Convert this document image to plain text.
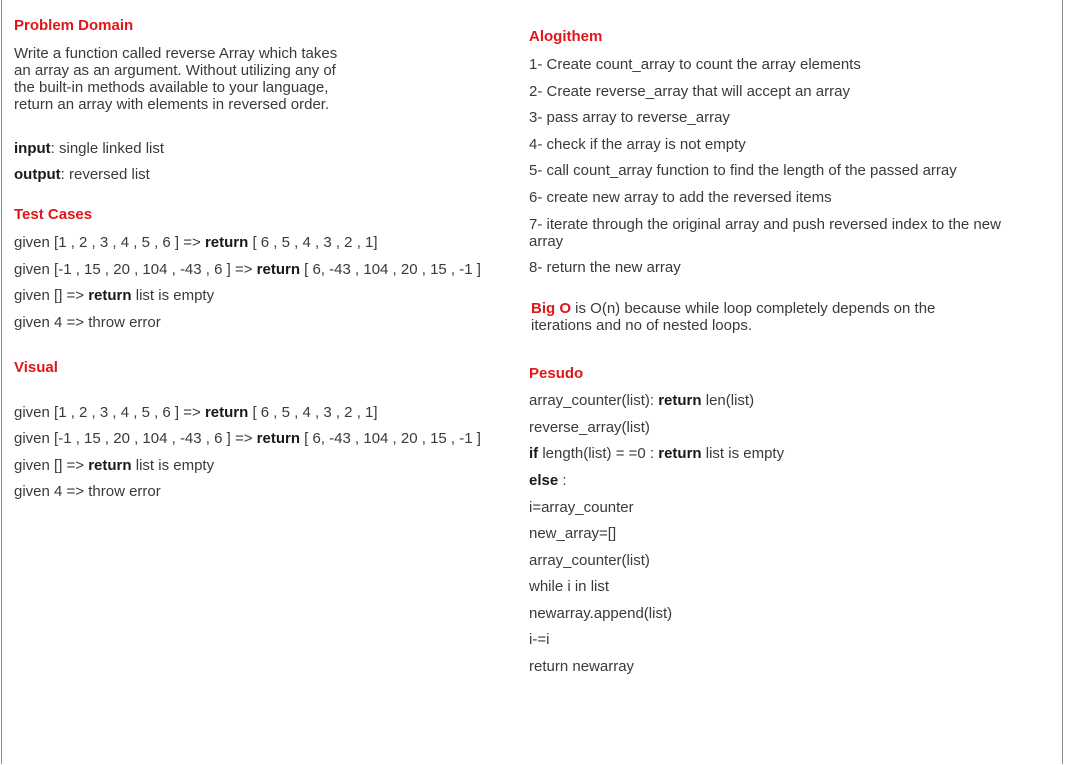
Problem Domain
Write a function called reverse Array which takes an array as an argument. Without utilizing any of the built-in methods available to your language, return an array with elements in reversed order.
input: single linked list
output: reversed list
Test Cases
given [1 , 2 , 3 , 4 , 5 , 6 ] => return [ 6 , 5 , 4 , 3 , 2 , 1]
given [-1 , 15 , 20 , 104 , -43 , 6 ] => return [ 6, -43 , 104 , 20 , 15 , -1 ]
given [] => return list is empty
given 4 => throw error
Visual
given [1 , 2 , 3 , 4 , 5 , 6 ] => return [ 6 , 5 , 4 , 3 , 2 , 1]
given [-1 , 15 , 20 , 104 , -43 , 6 ] => return [ 6, -43 , 104 , 20 , 15 , -1 ]
given [] => return list is empty
given 4 => throw error
Alogithem
1- Create count_array to count the array elements
2- Create reverse_array that will accept an array
3- pass array to reverse_array
4- check if the array is not empty
5- call count_array function to find the length of the passed array
6- create new array to add the reversed items
7- iterate through the original array and push reversed index to the new array
8- return the new array
Big O is O(n) because while loop completely depends on the iterations and no of nested loops.
Pesudo
array_counter(list): return len(list)
reverse_array(list)
if length(list) = =0 : return list is empty
else :
i=array_counter
new_array=[]
array_counter(list)
while i in list
newarray.append(list)
i-=i
return newarray
